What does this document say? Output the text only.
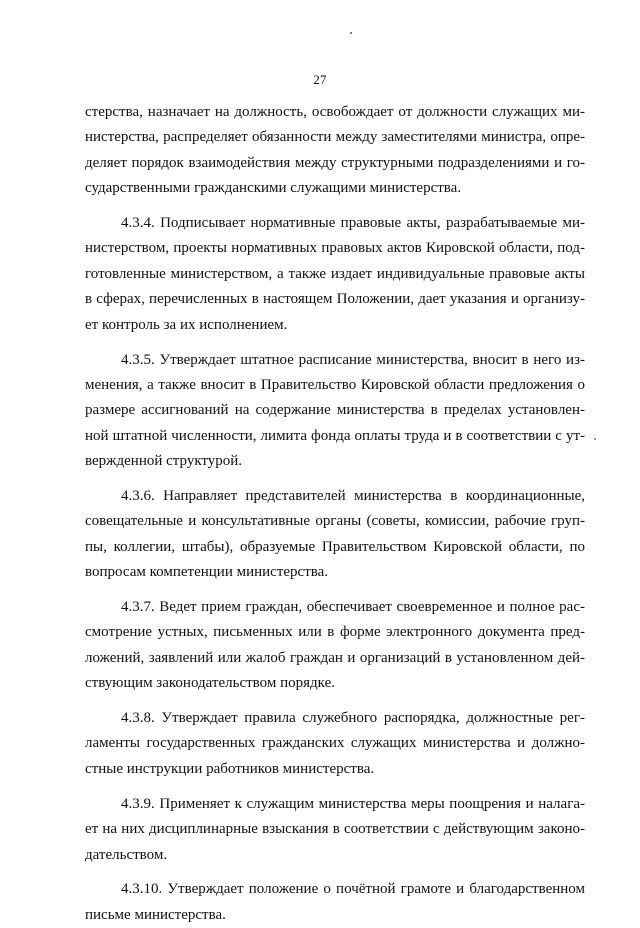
27
стерства, назначает на должность, освобождает от должности служащих ми-
нистерства, распределяет обязанности между заместителями министра, опре-
деляет порядок взаимодействия между структурными подразделениями и го-
сударственными гражданскими служащими министерства.
4.3.4. Подписывает нормативные правовые акты, разрабатываемые ми-
нистерством, проекты нормативных правовых актов Кировской области, под-
готовленные министерством, а также издает индивидуальные правовые акты
в сферах, перечисленных в настоящем Положении, дает указания и организу-
ет контроль за их исполнением.
4.3.5. Утверждает штатное расписание министерства, вносит в него из-
менения, а также вносит в Правительство Кировской области предложения о
размере ассигнований на содержание министерства в пределах установлен-
ной штатной численности, лимита фонда оплаты труда и в соответствии с ут-
вержденной структурой.
4.3.6. Направляет представителей министерства в координационные,
совещательные и консультативные органы (советы, комиссии, рабочие груп-
пы, коллегии, штабы), образуемые Правительством Кировской области, по
вопросам компетенции министерства.
4.3.7. Ведет прием граждан, обеспечивает своевременное и полное рас-
смотрение устных, письменных или в форме электронного документа пред-
ложений, заявлений или жалоб граждан и организаций в установленном дей-
ствующим законодательством порядке.
4.3.8. Утверждает правила служебного распорядка, должностные рег-
ламенты государственных гражданских служащих министерства и должно-
стные инструкции работников министерства.
4.3.9. Применяет к служащим министерства меры поощрения и налага-
ет на них дисциплинарные взыскания в соответствии с действующим законо-
дательством.
4.3.10. Утверждает положение о почётной грамоте и благодарственном
письме министерства.
